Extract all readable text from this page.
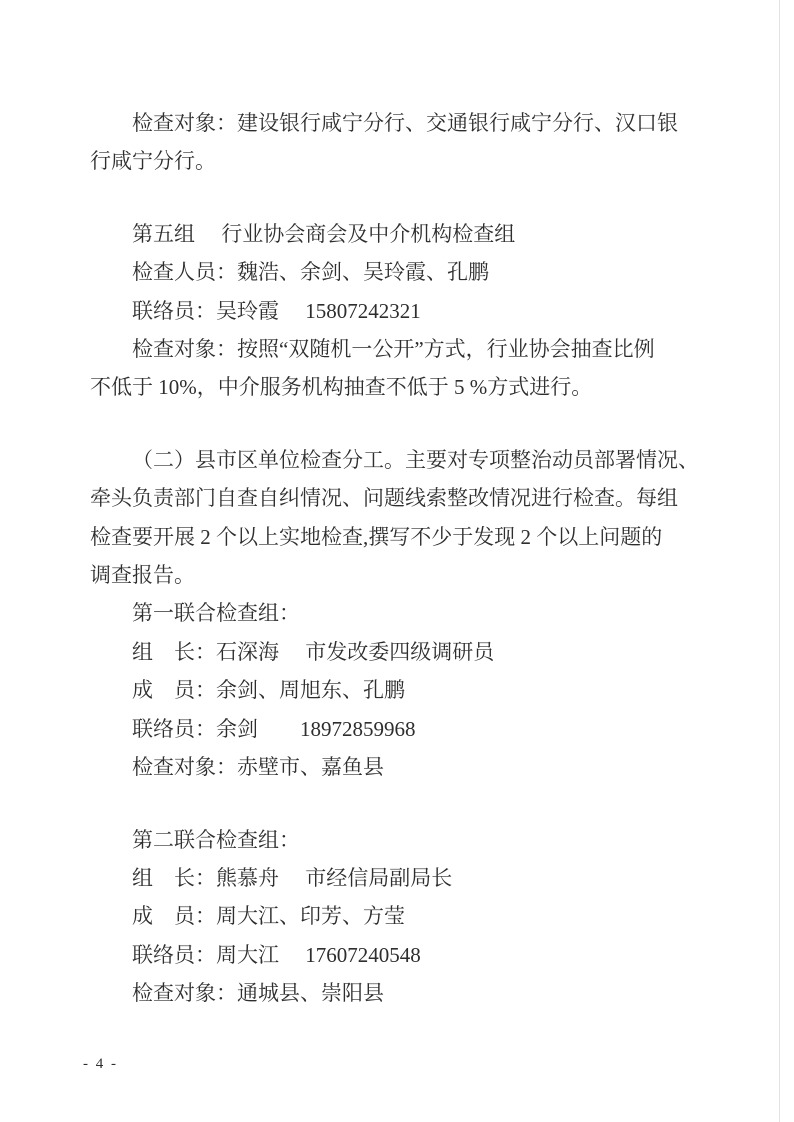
检查对象：建设银行咸宁分行、交通银行咸宁分行、汉口银

行咸宁分行。

第五组　 行业协会商会及中介机构检查组

检查人员：魏浩、余剑、吴玲霞、孔鹏

联络员：吴玲霞　 15807242321

检查对象：按照“双随机一公开”方式，行业协会抽查比例

不低于 10%，中介服务机构抽查不低于 5 %方式进行。

（二）县市区单位检查分工。主要对专项整治动员部署情况、

牵头负责部门自查自纠情况、问题线索整改情况进行检查。每组

检查要开展 2 个以上实地检查,撰写不少于发现 2 个以上问题的

调查报告。

第一联合检查组：

组　长：石深海　 市发改委四级调研员

成　员：余剑、周旭东、孔鹏

联络员：余剑　　18972859968

检查对象：赤壁市、嘉鱼县

第二联合检查组：

组　长：熊慕舟　 市经信局副局长

成　员：周大江、印芳、方莹

联络员：周大江　 17607240548

检查对象：通城县、崇阳县

- 4 -
